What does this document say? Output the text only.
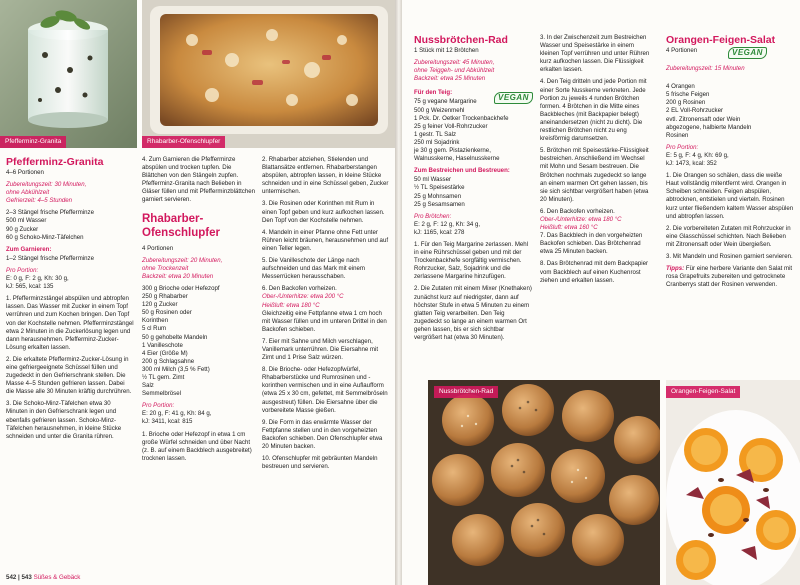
Pfefferminz-Granita	Rhabarber-Ofenschlupfer
Pfefferminz-Granita

4–6 Portionen

Zubereitungszeit: 30 Minuten,
ohne Abkühlzeit

Gefrierzeit: 4–5 Stunden

2–3 Stängel frische Pfefferminze
500 ml Wasser
90 g Zucker
60 g Schoko-Minz-Täfelchen
Zum Garnieren:

1–2 Stängel frische Pfefferminze

Pro Portion:
E: 0 g, F: 2 g, Kh: 30 g,

kJ: 565, kcal: 135

1. Pfefferminzstängel abspülen und abtropfen lassen. Das Wasser mit Zucker in einem Topf verrühren und zum Kochen bringen. Den Topf von der Kochstelle nehmen. Pfefferminzstängel etwa 2 Minuten in die Zuckerlösung legen und dann herausnehmen. Pfefferminz-Zucker-Lösung erkalten lassen.

2. Die erkaltete Pfefferminz-Zucker-Lösung in eine gefriergeeignete Schüssel füllen und zugedeckt in den Gefrierschrank stellen. Die Masse 4–5 Stunden gefrieren lassen. Dabei die Masse alle 30 Minuten kräftig durchrühren.

3. Die Schoko-Minz-Täfelchen etwa 30 Minuten in den Gefrierschrank legen und ebenfalls gefrieren lassen. Schoko-Minz-Täfelchen herausnehmen, in kleine Stücke schneiden und unter die Granita rühren.

4. Zum Garnieren die Pfefferminze abspülen und trocken tupfen. Die Blättchen von den Stängeln zupfen. Pfefferminz-Granita nach Belieben in Gläser füllen und mit Pfefferminzblättchen garniert servieren.

Rhabarber-
Ofenschlupfer

4 Portionen

Zubereitungszeit: 20 Minuten,
ohne Trockenzeit

Backzeit: etwa 20 Minuten

300 g Brioche oder Hefezopf
250 g Rhabarber
120 g Zucker
50 g Rosinen oder
Korinthen
5 cl Rum
50 g gehobelte Mandeln
1 Vanilleschote
4 Eier (Größe M)
200 g Schlagsahne
300 ml Milch (3,5 % Fett)
½ TL gem. Zimt
Salz
Semmelbrösel
Pro Portion:
E: 20 g, F: 41 g, Kh: 84 g,

kJ: 3411, kcal: 815

1. Brioche oder Hefezopf in etwa 1 cm große Würfel schneiden und über Nacht (z. B. auf einem Backblech ausgebreitet) trocknen lassen.

2. Rhabarber abziehen, Stielenden und Blattansätze entfernen. Rhabarberstangen abspülen, abtropfen lassen, in kleine Stücke schneiden und in eine Schüssel geben, Zucker untermischen.

3. Die Rosinen oder Korinthen mit Rum in einen Topf geben und kurz aufkochen lassen. Den Topf von der Kochstelle nehmen.

4. Mandeln in einer Pfanne ohne Fett unter Rühren leicht bräunen, herausnehmen und auf einen Teller legen.

5. Die Vanilleschote der Länge nach aufschneiden und das Mark mit einem Messerrücken herausschaben.

6. Den Backofen vorheizen.
Ober-/Unterhitze: etwa 200 °C
Heißluft: etwa 180 °C

Gleichzeitig eine Fettpfanne etwa 1 cm hoch mit Wasser füllen und im unteren Drittel in den Backofen schieben.

7. Eier mit Sahne und Milch verschlagen, Vanillemark unterrühren. Die Eiersahne mit Zimt und 1 Prise Salz würzen.

8. Die Brioche- oder Hefezopfwürfel, Rhabarberstücke und Rumrosinen und -korinthen vermischen und in eine Auflaufform (etwa 25 x 30 cm, gefettet, mit Semmelbröseln ausgestreut) füllen. Die Eiersahne über die vorbereitete Masse gießen.

9. Die Form in das erwärmte Wasser der Fettpfanne stellen und in den vorgeheizten Backofen schieben. Den Ofenschlupfer etwa 20 Minuten backen.

10. Ofenschlupfer mit gebräunten Mandeln bestreuen und servieren.

542 | 543 Süßes & Gebäck
Nussbrötchen-Rad

1 Stück mit 12 Brötchen

Zubereitungszeit: 45 Minuten,
ohne Teiggeh- und Abkühlzeit

Backzeit: etwa 25 Minuten

VEGAN
Für den Teig:
75 g vegane Margarine
500 g Weizenmehl
1 Pck. Dr. Oetker Trockenbackhefe
25 g feiner Voll-Rohrzucker
1 gestr. TL Salz
250 ml Sojadrink
je 30 g gem. Pistazienkerne,
Walnusskerne, Haselnusskerne
Zum Bestreichen und Bestreuen:
50 ml Wasser
½ TL Speisestärke
25 g Mohnsamen
25 g Sesamsamen
Pro Brötchen:
E: 2 g, F: 12 g, Kh: 34 g,

kJ: 1165, kcal: 278

1. Für den Teig Margarine zerlassen. Mehl in eine Rührschüssel geben und mit der Trockenbackhefe sorgfältig vermischen. Rohrzucker, Salz, Sojadrink und die zerlassene Margarine hinzufügen.

2. Die Zutaten mit einem Mixer (Knethaken) zunächst kurz auf niedrigster, dann auf höchster Stufe in etwa 5 Minuten zu einem glatten Teig verarbeiten. Den Teig zugedeckt so lange an einem warmen Ort gehen lassen, bis er sich sichtbar vergrößert hat (etwa 30 Minuten).

3. In der Zwischenzeit zum Bestreichen Wasser und Speisestärke in einem kleinen Topf verrühren und unter Rühren kurz aufkochen lassen. Die Flüssigkeit erkalten lassen.

4. Den Teig dritteln und jede Portion mit einer Sorte Nusskerne verkneten. Jede Portion zu jeweils 4 runden Brötchen formen. 4 Brötchen in die Mitte eines Backbleches (mit Backpapier belegt) aneinandersetzen (nicht zu dicht). Die restlichen Brötchen nicht zu eng kreisförmig darumsetzen.

5. Brötchen mit Speisestärke-Flüssigkeit bestreichen. Anschließend im Wechsel mit Mohn und Sesam bestreuen. Die Brötchen nochmals zugedeckt so lange an einem warmen Ort gehen lassen, bis sie sich sichtbar vergrößert haben (etwa 20 Minuten).

6. Den Backofen vorheizen.
Ober-/Unterhitze: etwa 180 °C
Heißluft: etwa 160 °C

7. Das Backblech in den vorgeheizten Backofen schieben. Das Brötchenrad etwa 25 Minuten backen.

8. Das Brötchenrad mit dem Backpapier vom Backblech auf einen Kuchenrost ziehen und erkalten lassen.

Orangen-Feigen-Salat
4 Portionen	VEGAN

Zubereitungszeit: 15 Minuten

4 Orangen
5 frische Feigen
200 g Rosinen
2 EL Voll-Rohrzucker
evtl. Zitronensaft oder Wein
abgezogene, halbierte Mandeln
Rosinen
Pro Portion:
E: 5 g, F: 4 g, Kh: 69 g,

kJ: 1473, kcal: 352

1. Die Orangen so schälen, dass die weiße Haut vollständig mitentfernt wird. Orangen in Scheiben schneiden. Feigen abspülen, abtrocknen, entstielen und vierteln. Rosinen kurz unter fließendem kaltem Wasser abspülen und abtropfen lassen.

2. Die vorbereiteten Zutaten mit Rohrzucker in eine Glasschüssel schichten. Nach Belieben mit Zitronensaft oder Wein übergießen.

3. Mit Mandeln und Rosinen garniert servieren.

Tipps: Für eine herbere Variante den Salat mit rosa Grapefruits zubereiten und getrocknete Cranberrys statt der Rosinen verwenden.

Nussbrötchen-Rad	Orangen-Feigen-Salat
